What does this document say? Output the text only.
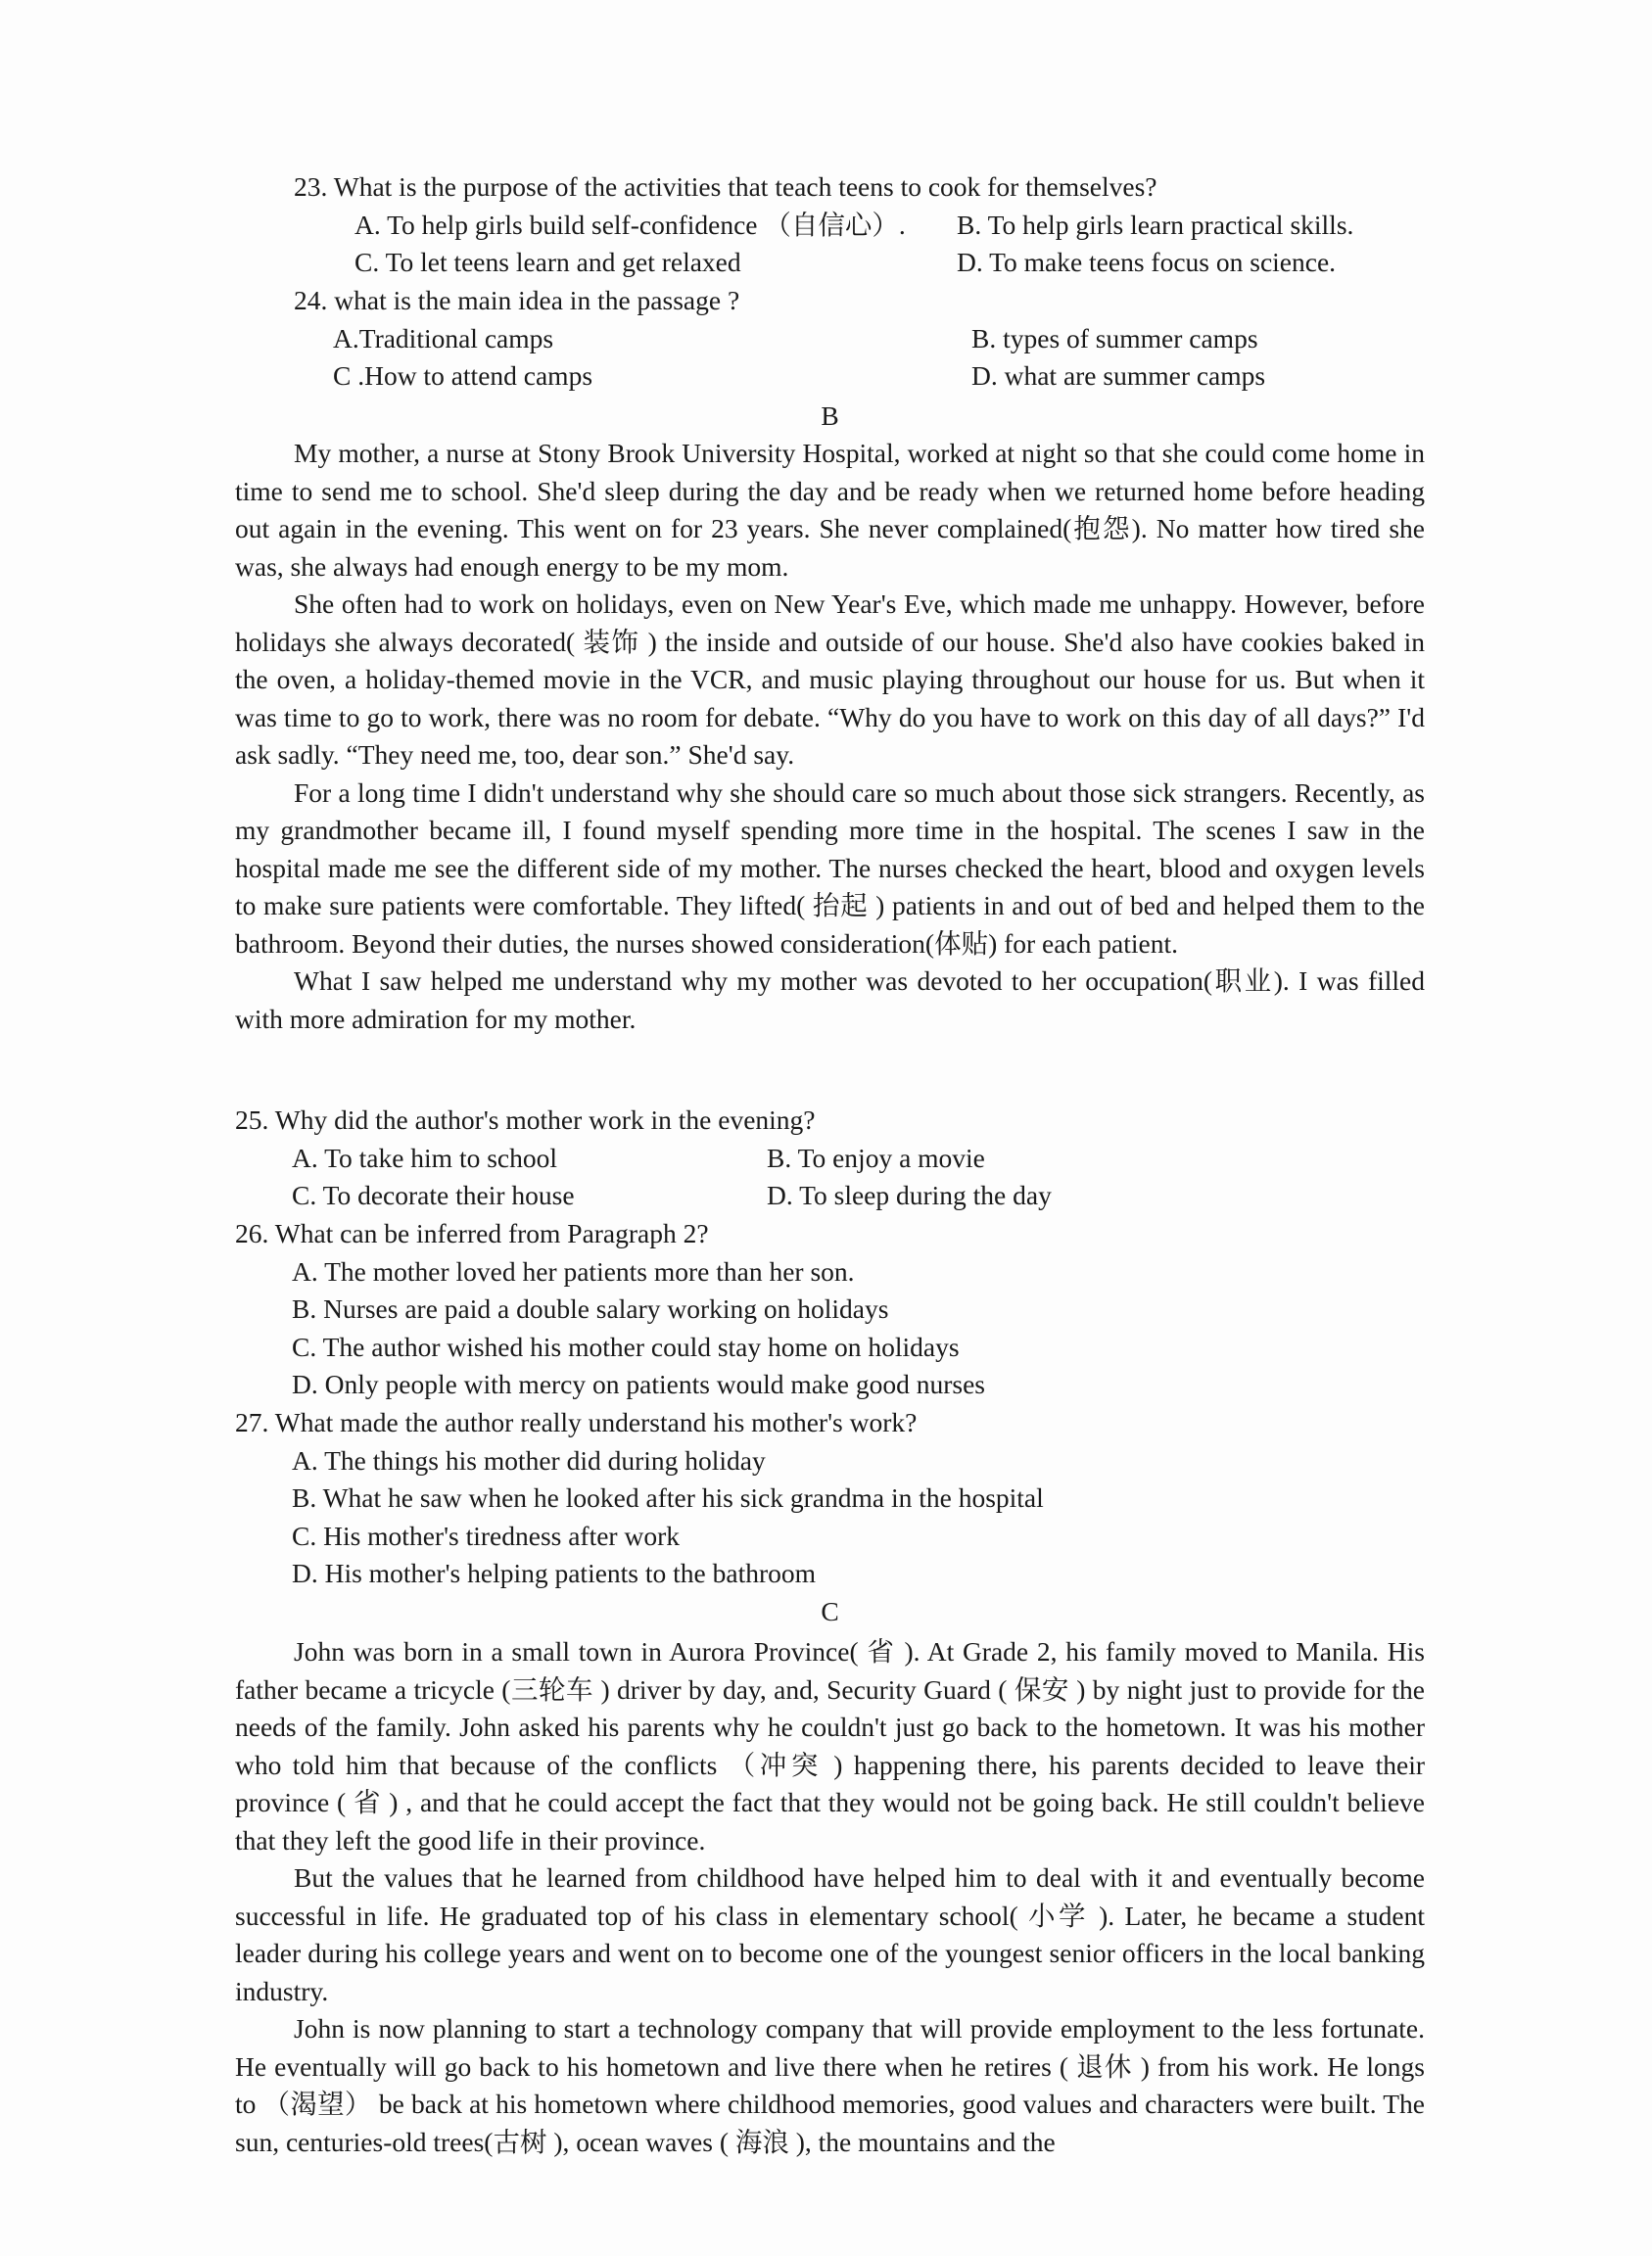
23. What is the purpose of the activities that teach teens to cook for themselves?
A. To help girls build self-confidence （自信心）.	B. To help girls learn practical skills.
C. To let teens learn and get relaxed	D. To make teens focus on science.
24. what is the main idea in the passage ?
A.Traditional camps	B. types of summer camps
C .How to attend camps	D. what are summer camps
B

My mother, a nurse at Stony Brook University Hospital, worked at night so that she could come home in time to send me to school. She'd sleep during the day and be ready when we returned home before heading out again in the evening. This went on for 23 years. She never complained(抱怨). No matter how tired she was, she always had enough energy to be my mom.

She often had to work on holidays, even on New Year's Eve, which made me unhappy. However, before holidays she always decorated( 装饰 ) the inside and outside of our house. She'd also have cookies baked in the oven, a holiday-themed movie in the VCR, and music playing throughout our house for us. But when it was time to go to work, there was no room for debate. “Why do you have to work on this day of all days?” I'd ask sadly. “They need me, too, dear son.” She'd say.

For a long time I didn't understand why she should care so much about those sick strangers. Recently, as my grandmother became ill, I found myself spending more time in the hospital. The scenes I saw in the hospital made me see the different side of my mother. The nurses checked the heart, blood and oxygen levels to make sure patients were comfortable. They lifted( 抬起 ) patients in and out of bed and helped them to the bathroom. Beyond their duties, the nurses showed consideration(体贴) for each patient.

What I saw helped me understand why my mother was devoted to her occupation(职业). I was filled with more admiration for my mother.

25. Why did the author's mother work in the evening?
A. To take him to school	B. To enjoy a movie
C. To decorate their house	D. To sleep during the day
26. What can be inferred from Paragraph 2?
A. The mother loved her patients more than her son.
B. Nurses are paid a double salary working on holidays
C. The author wished his mother could stay home on holidays
D. Only people with mercy on patients would make good nurses
27. What made the author really understand his mother's work?
A. The things his mother did during holiday
B. What he saw when he looked after his sick grandma in the hospital
C. His mother's tiredness after work
D. His mother's helping patients to the bathroom
C

John was born in a small town in Aurora Province( 省 ). At Grade 2, his family moved to Manila. His father became a tricycle (三轮车 ) driver by day, and, Security Guard ( 保安 ) by night just to provide for the needs of the family. John asked his parents why he couldn't just go back to the hometown. It was his mother who told him that because of the conflicts （冲突 ) happening there, his parents decided to leave their province ( 省 ) , and that he could accept the fact that they would not be going back. He still couldn't believe that they left the good life in their province.

But the values that he learned from childhood have helped him to deal with it and eventually become successful in life. He graduated top of his class in elementary school( 小学 ). Later, he became a student leader during his college years and went on to become one of the youngest senior officers in the local banking industry.

John is now planning to start a technology company that will provide employment to the less fortunate. He eventually will go back to his hometown and live there when he retires ( 退休 ) from his work. He longs to （渴望） be back at his hometown where childhood memories, good values and characters were built. The sun, centuries-old trees(古树 ), ocean waves ( 海浪 ), the mountains and the
